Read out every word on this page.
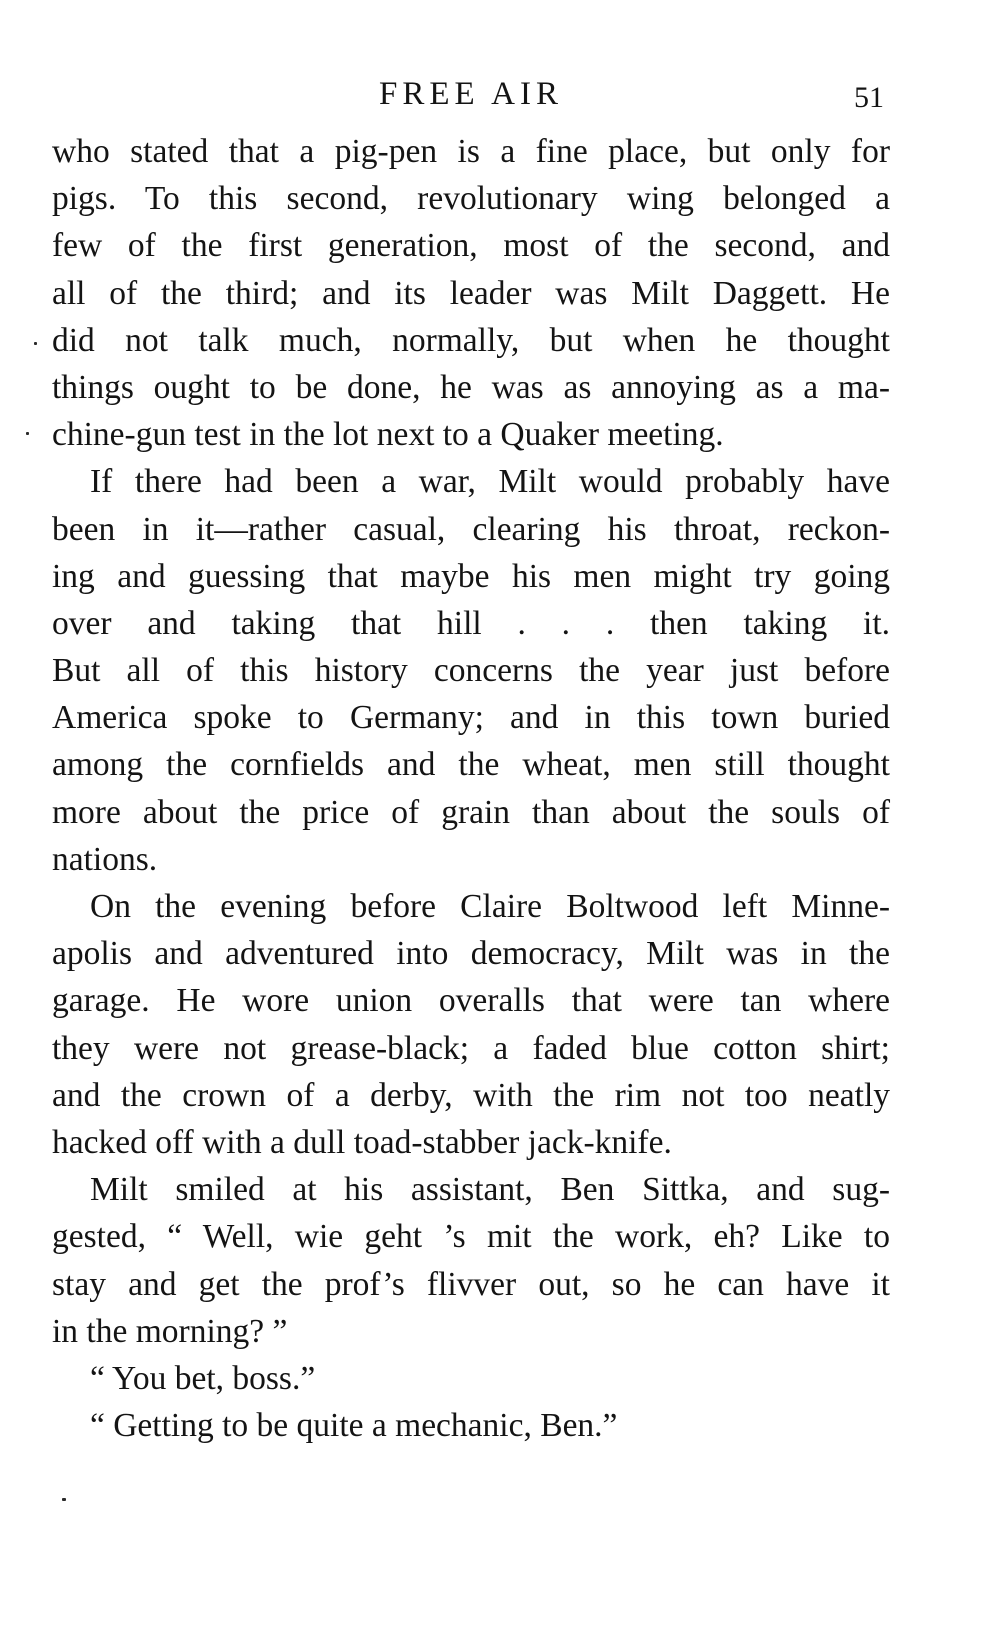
FREE AIR	51
who stated that a pig-pen is a fine place, but only for
pigs. To this second, revolutionary wing belonged a
few of the first generation, most of the second, and
all of the third; and its leader was Milt Daggett. He
did not talk much, normally, but when he thought
things ought to be done, he was as annoying as a ma-
chine-gun test in the lot next to a Quaker meeting.
If there had been a war, Milt would probably have
been in it—rather casual, clearing his throat, reckon-
ing and guessing that maybe his men might try going
over and taking that hill . . . then taking it.
But all of this history concerns the year just before
America spoke to Germany; and in this town buried
among the cornfields and the wheat, men still thought
more about the price of grain than about the souls of
nations.
On the evening before Claire Boltwood left Minne-
apolis and adventured into democracy, Milt was in the
garage. He wore union overalls that were tan where
they were not grease-black; a faded blue cotton shirt;
and the crown of a derby, with the rim not too neatly
hacked off with a dull toad-stabber jack-knife.
Milt smiled at his assistant, Ben Sittka, and sug-
gested, “ Well, wie geht ’s mit the work, eh? Like to
stay and get the prof’s flivver out, so he can have it
in the morning? ”
“ You bet, boss.”
“ Getting to be quite a mechanic, Ben.”
